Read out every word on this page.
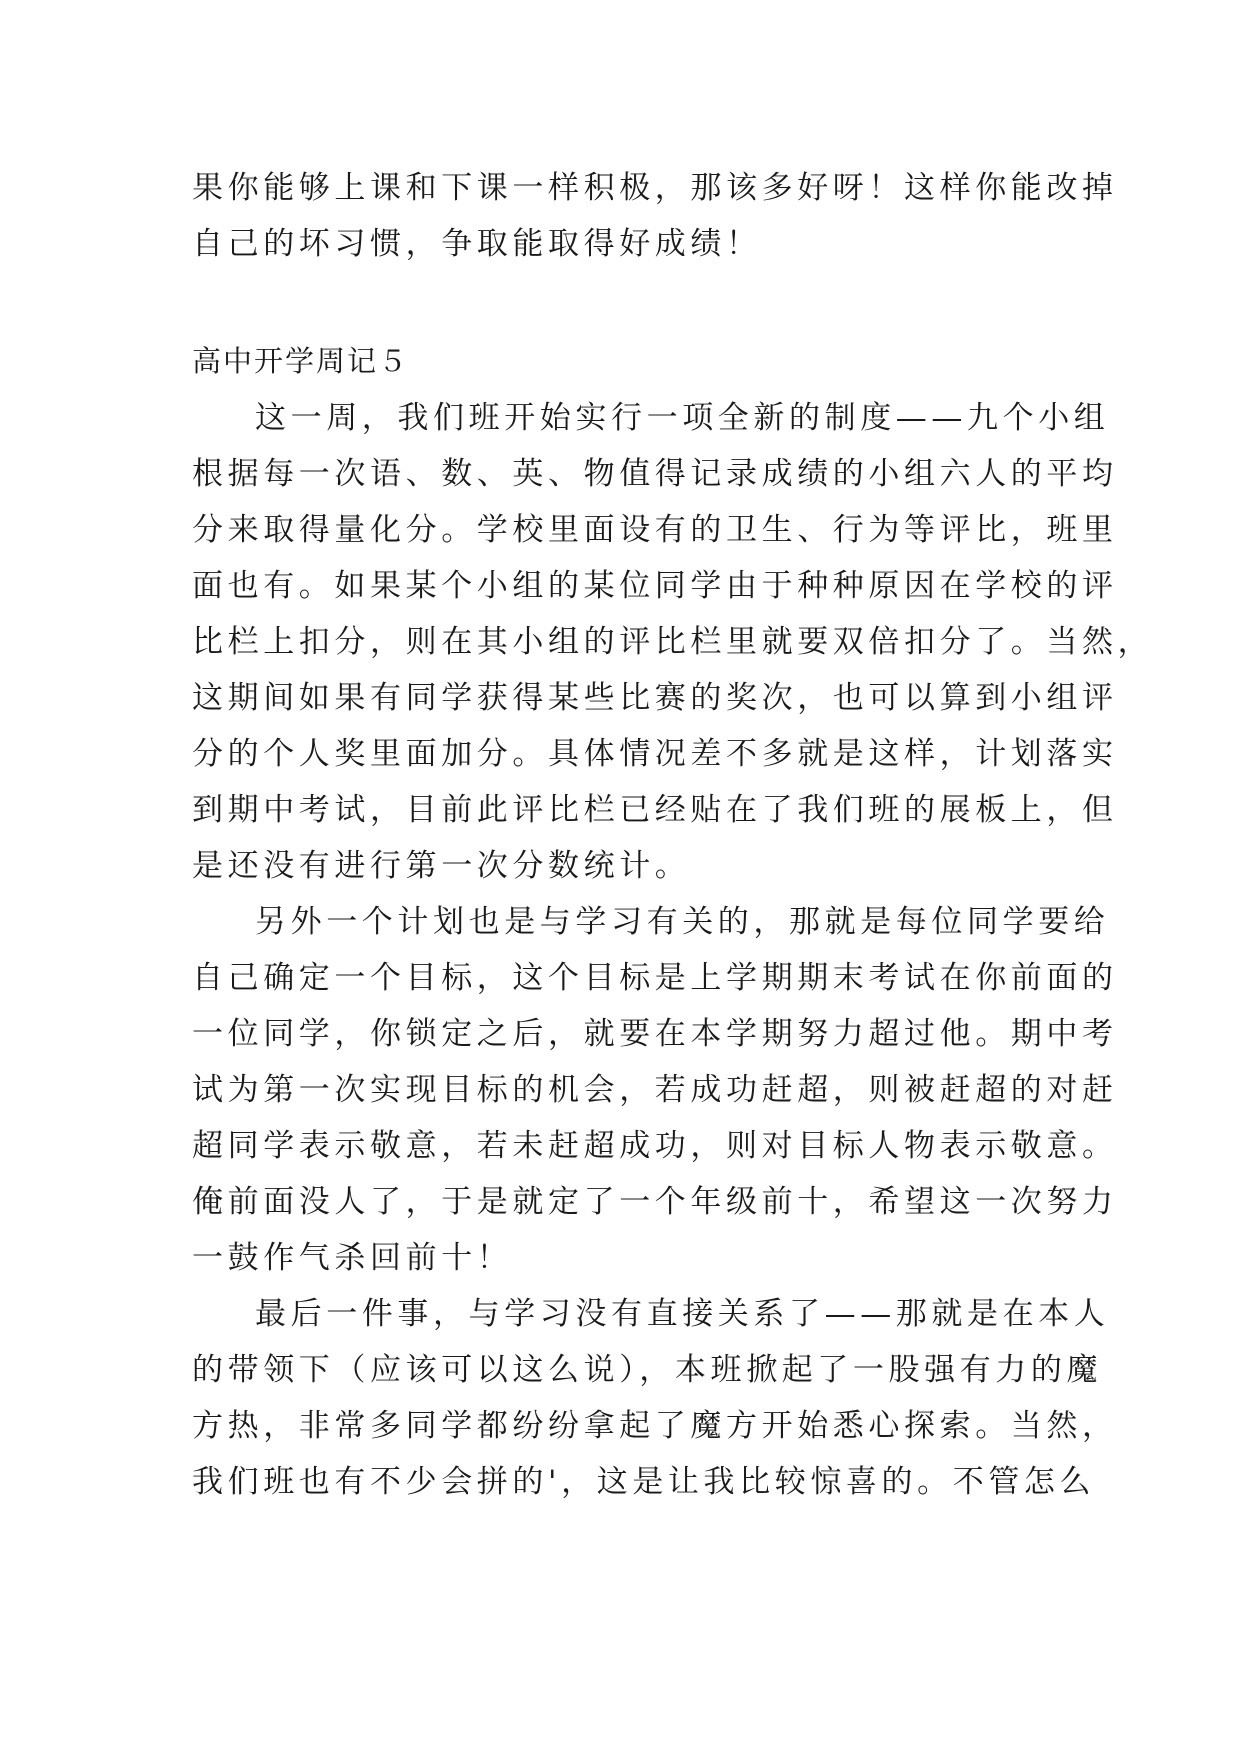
果你能够上课和下课一样积极，那该多好呀！这样你能改掉
自己的坏习惯，争取能取得好成绩！
高中开学周记５
这一周，我们班开始实行一项全新的制度——九个小组
根据每一次语、数、英、物值得记录成绩的小组六人的平均
分来取得量化分。学校里面设有的卫生、行为等评比，班里
面也有。如果某个小组的某位同学由于种种原因在学校的评
比栏上扣分，则在其小组的评比栏里就要双倍扣分了。当然，
这期间如果有同学获得某些比赛的奖次，也可以算到小组评
分的个人奖里面加分。具体情况差不多就是这样，计划落实
到期中考试，目前此评比栏已经贴在了我们班的展板上，但
是还没有进行第一次分数统计。
另外一个计划也是与学习有关的，那就是每位同学要给
自己确定一个目标，这个目标是上学期期末考试在你前面的
一位同学，你锁定之后，就要在本学期努力超过他。期中考
试为第一次实现目标的机会，若成功赶超，则被赶超的对赶
超同学表示敬意，若未赶超成功，则对目标人物表示敬意。
俺前面没人了，于是就定了一个年级前十，希望这一次努力
一鼓作气杀回前十！
最后一件事，与学习没有直接关系了——那就是在本人
的带领下（应该可以这么说），本班掀起了一股强有力的魔
方热，非常多同学都纷纷拿起了魔方开始悉心探索。当然，
我们班也有不少会拼的'，这是让我比较惊喜的。不管怎么
